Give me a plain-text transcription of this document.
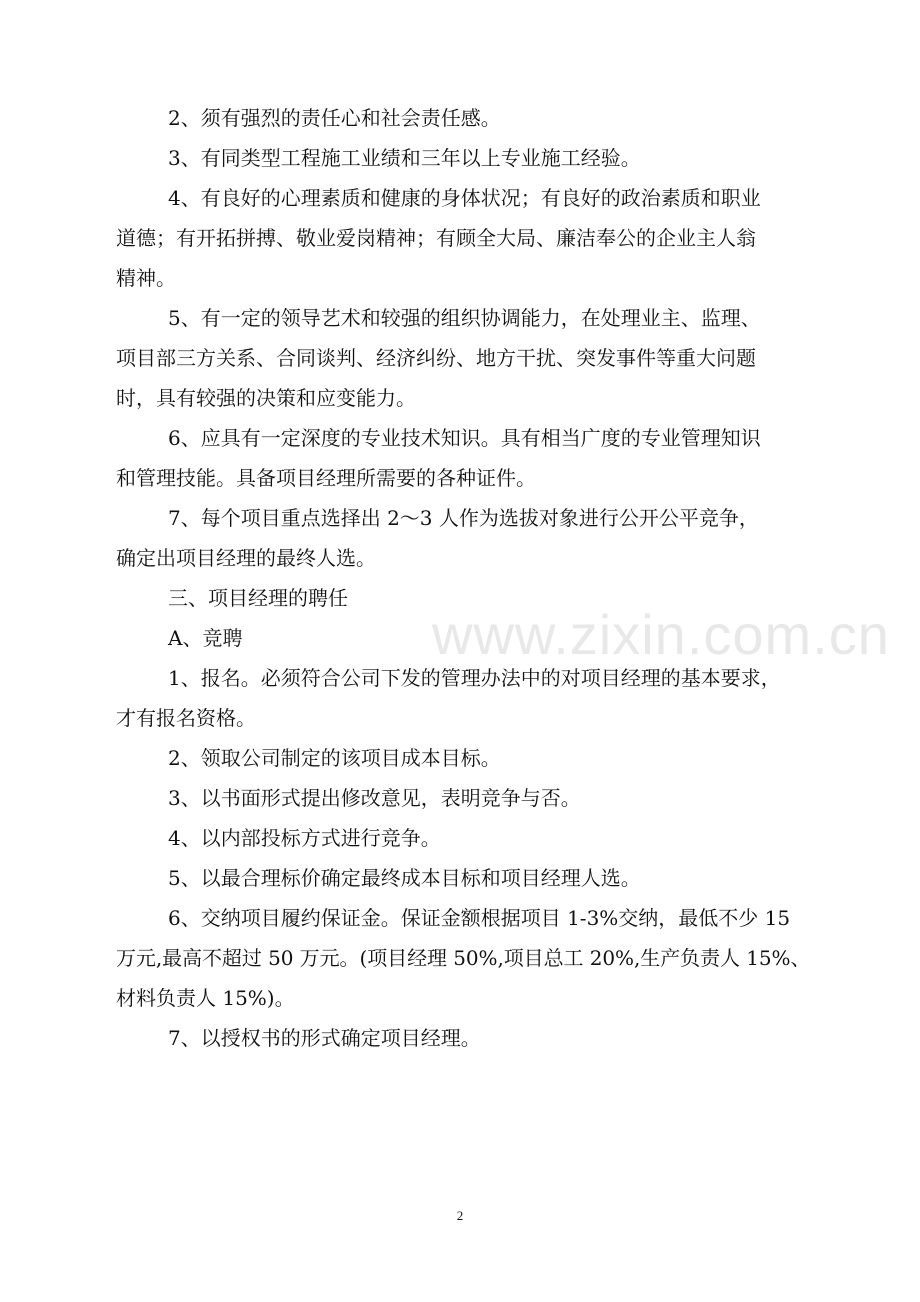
2、须有强烈的责任心和社会责任感。
3、有同类型工程施工业绩和三年以上专业施工经验。
4、有良好的心理素质和健康的身体状况；有良好的政治素质和职业
道德；有开拓拼搏、敬业爱岗精神；有顾全大局、廉洁奉公的企业主人翁
精神。
5、有一定的领导艺术和较强的组织协调能力，在处理业主、监理、
项目部三方关系、合同谈判、经济纠纷、地方干扰、突发事件等重大问题
时，具有较强的决策和应变能力。
6、应具有一定深度的专业技术知识。具有相当广度的专业管理知识
和管理技能。具备项目经理所需要的各种证件。
7、每个项目重点选择出 2～3 人作为选拔对象进行公开公平竞争，
确定出项目经理的最终人选。
三、项目经理的聘任
A、竞聘
1、报名。必须符合公司下发的管理办法中的对项目经理的基本要求，
才有报名资格。
2、领取公司制定的该项目成本目标。
3、以书面形式提出修改意见，表明竞争与否。
4、以内部投标方式进行竞争。
5、以最合理标价确定最终成本目标和项目经理人选。
6、交纳项目履约保证金。保证金额根据项目 1-3%交纳，最低不少 15
万元,最高不超过 50 万元。(项目经理 50%,项目总工 20%,生产负责人 15%、
材料负责人 15%)。
7、以授权书的形式确定项目经理。
www.zixin.com.cn
2
